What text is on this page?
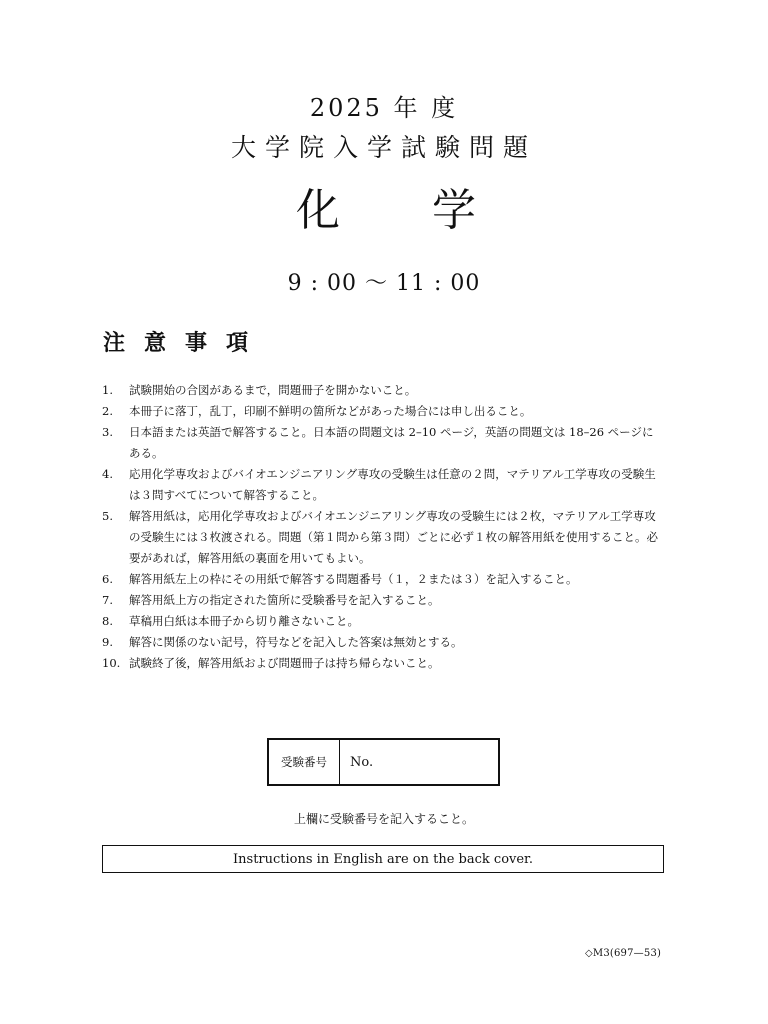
2025 年 度
大学院入学試験問題
化 学
9 : 00 〜 11 : 00
注意事項
1. 試験開始の合図があるまで，問題冊子を開かないこと。
2. 本冊子に落丁，乱丁，印刷不鮮明の箇所などがあった場合には申し出ること。
3. 日本語または英語で解答すること。日本語の問題文は 2–10 ページ，英語の問題文は 18–26 ページにある。
4. 応用化学専攻およびバイオエンジニアリング専攻の受験生は任意の２問，マテリアル工学専攻の受験生は３問すべてについて解答すること。
5. 解答用紙は，応用化学専攻およびバイオエンジニアリング専攻の受験生には２枚，マテリアル工学専攻の受験生には３枚渡される。問題（第１問から第３問）ごとに必ず１枚の解答用紙を使用すること。必要があれば，解答用紙の裏面を用いてもよい。
6. 解答用紙左上の枠にその用紙で解答する問題番号（１，２または３）を記入すること。
7. 解答用紙上方の指定された箇所に受験番号を記入すること。
8. 草稿用白紙は本冊子から切り離さないこと。
9. 解答に関係のない記号，符号などを記入した答案は無効とする。
10. 試験終了後，解答用紙および問題冊子は持ち帰らないこと。
受験番号	No.
上欄に受験番号を記入すること。
Instructions in English are on the back cover.
◇M3(697—53)
